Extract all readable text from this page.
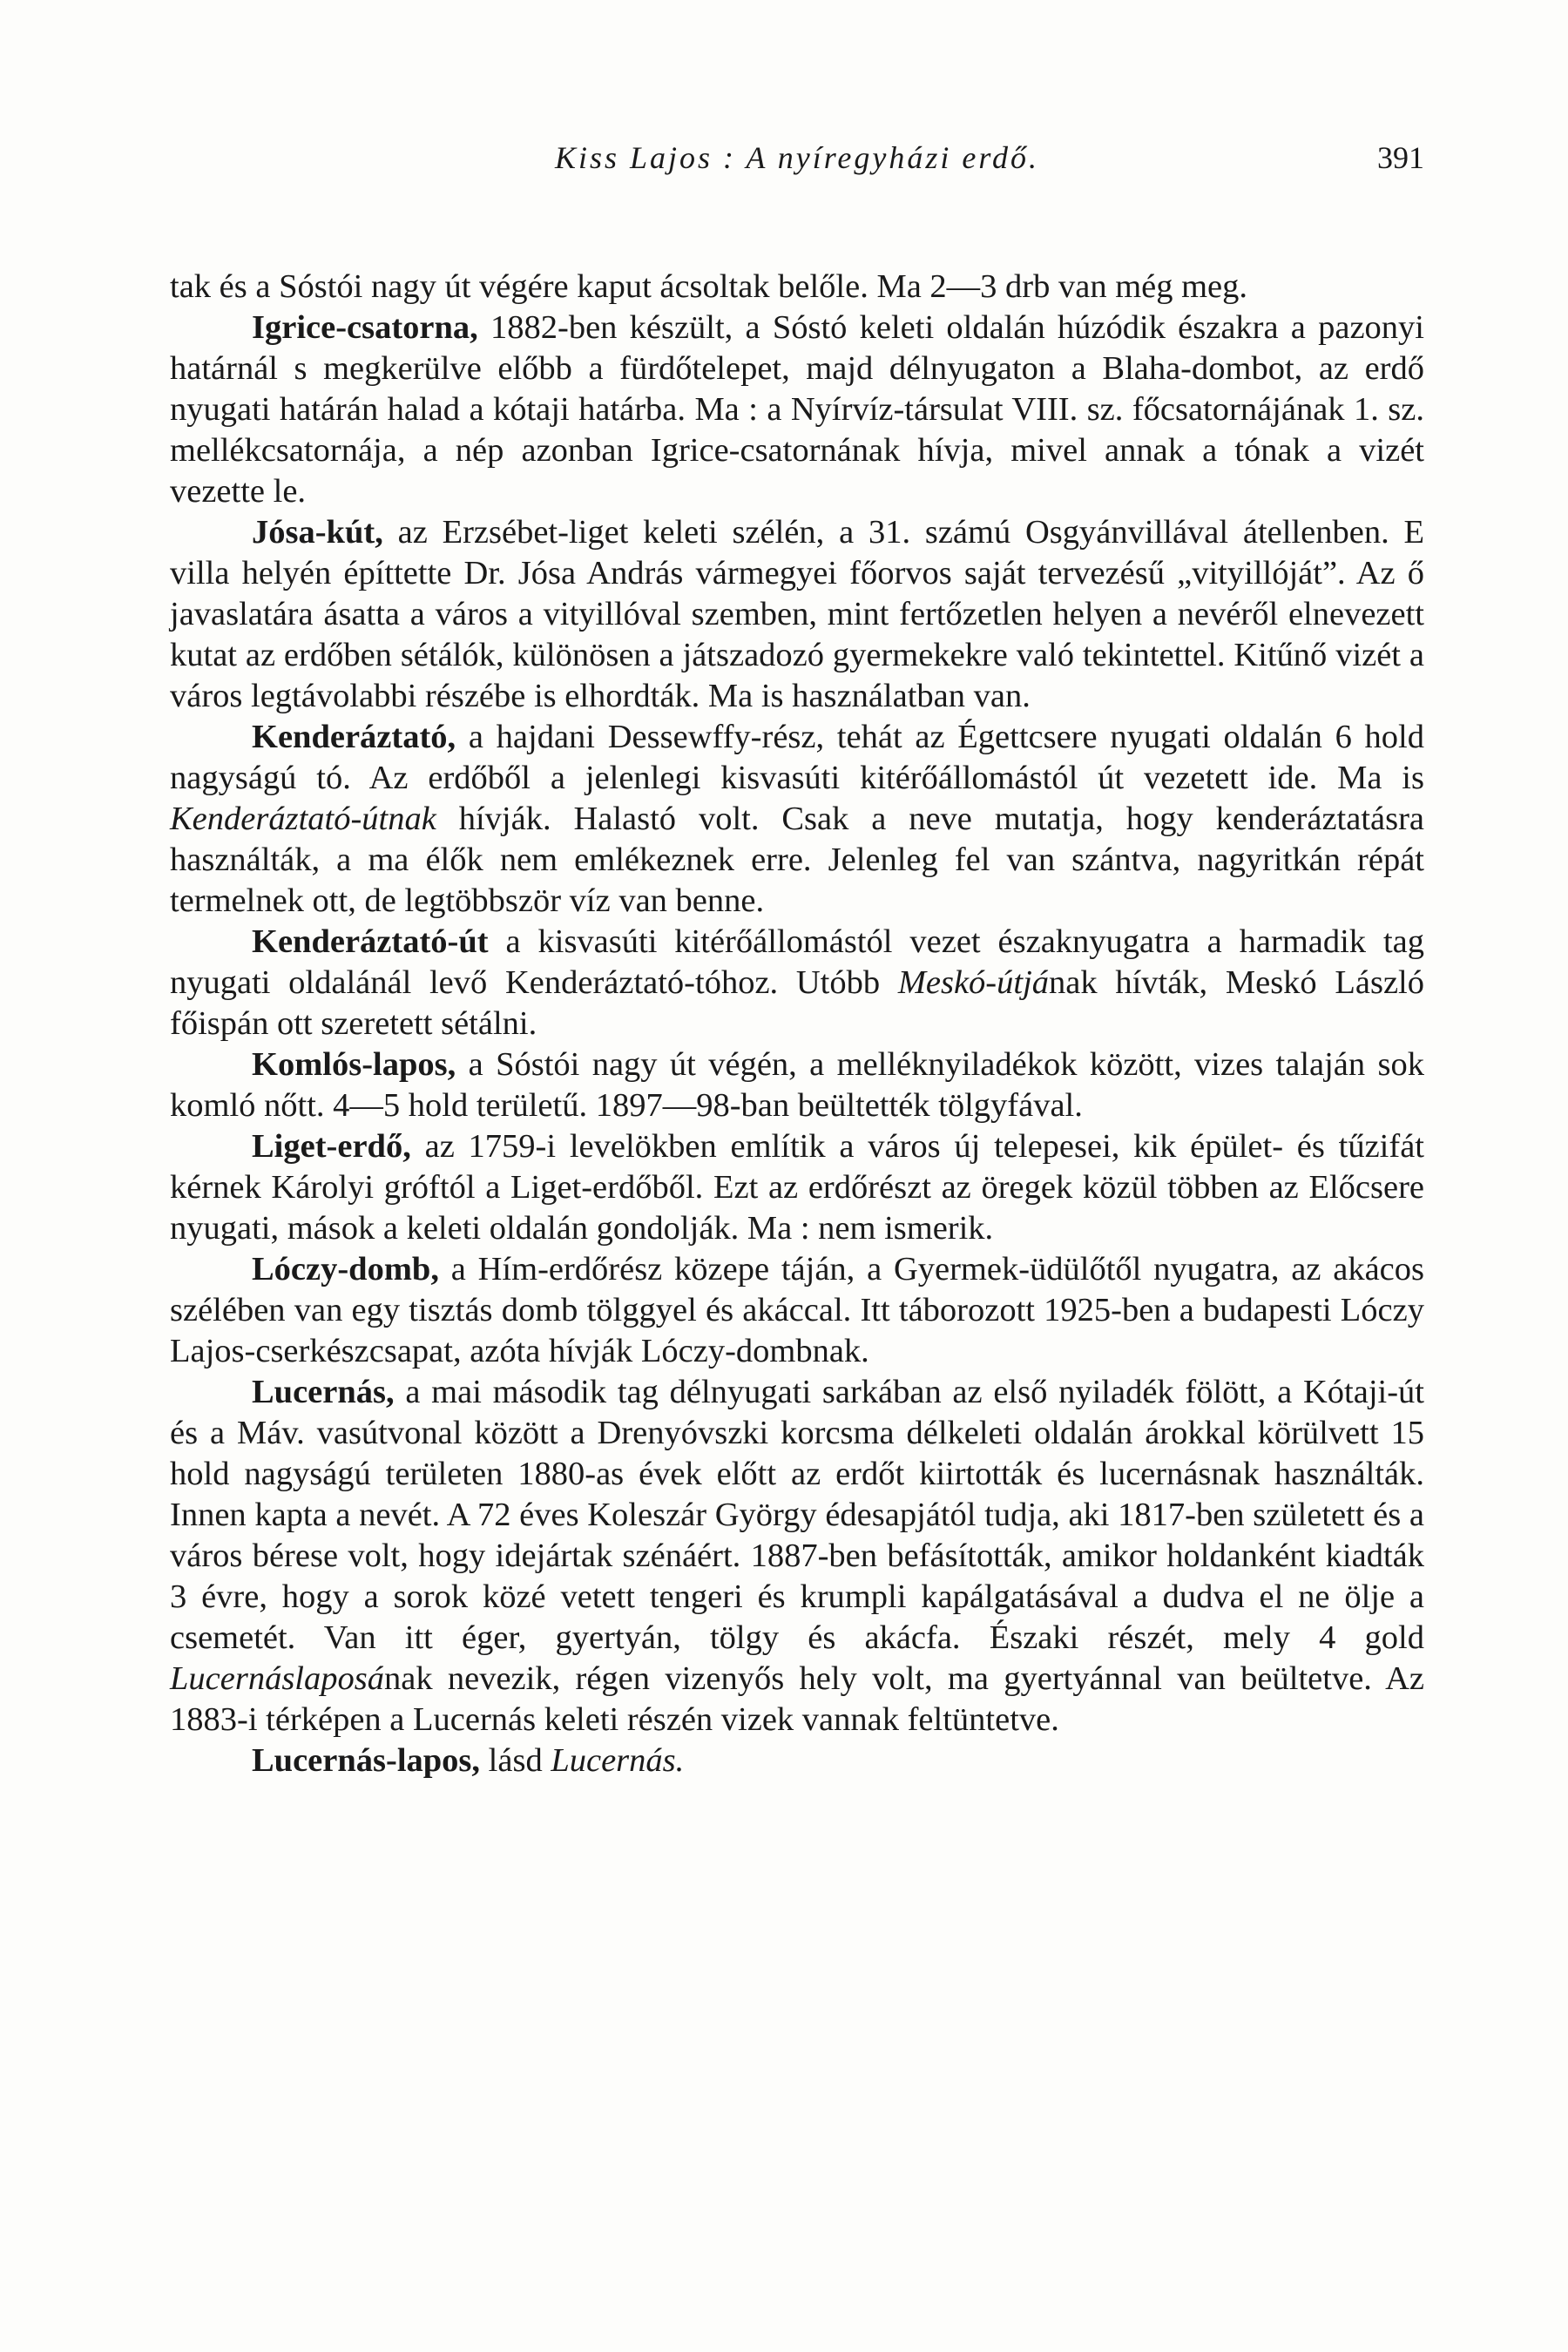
Kiss Lajos : A nyíregyházi erdő.	391

tak és a Sóstói nagy út végére kaput ácsoltak belőle. Ma 2—3 drb van még meg.

Igrice-csatorna, 1882-ben készült, a Sóstó keleti oldalán húzódik északra a pazonyi határnál s megkerülve előbb a fürdőtelepet, majd délnyugaton a Blaha-dombot, az erdő nyugati határán halad a kótaji határba. Ma : a Nyírvíz-társulat VIII. sz. főcsatornájának 1. sz. mellékcsatornája, a nép azonban Igrice-csatornának hívja, mivel annak a tónak a vizét vezette le.

Jósa-kút, az Erzsébet-liget keleti szélén, a 31. számú Osgyánvillával átellenben. E villa helyén építtette Dr. Jósa András vármegyei főorvos saját tervezésű „vityillóját”. Az ő javaslatára ásatta a város a vityillóval szemben, mint fertőzetlen helyen a nevéről elnevezett kutat az erdőben sétálók, különösen a játszadozó gyermekekre való tekintettel. Kitűnő vizét a város legtávolabbi részébe is elhordták. Ma is használatban van.

Kenderáztató, a hajdani Dessewffy-rész, tehát az Égettcsere nyugati oldalán 6 hold nagyságú tó. Az erdőből a jelenlegi kisvasúti kitérőállomástól út vezetett ide. Ma is Kenderáztató-útnak hívják. Halastó volt. Csak a neve mutatja, hogy kenderáztatásra használták, a ma élők nem emlékeznek erre. Jelenleg fel van szántva, nagyritkán répát termelnek ott, de legtöbbször víz van benne.

Kenderáztató-út a kisvasúti kitérőállomástól vezet északnyugatra a harmadik tag nyugati oldalánál levő Kenderáztató-tóhoz. Utóbb Meskó-útjának hívták, Meskó László főispán ott szeretett sétálni.

Komlós-lapos, a Sóstói nagy út végén, a melléknyiladékok között, vizes talaján sok komló nőtt. 4—5 hold területű. 1897—98-ban beültették tölgyfával.

Liget-erdő, az 1759-i levelökben említik a város új telepesei, kik épület- és tűzifát kérnek Károlyi gróftól a Liget-erdőből. Ezt az erdőrészt az öregek közül többen az Előcsere nyugati, mások a keleti oldalán gondolják. Ma : nem ismerik.

Lóczy-domb, a Hím-erdőrész közepe táján, a Gyermek-üdülőtől nyugatra, az akácos szélében van egy tisztás domb tölggyel és akáccal. Itt táborozott 1925-ben a budapesti Lóczy Lajos-cserkészcsapat, azóta hívják Lóczy-dombnak.

Lucernás, a mai második tag délnyugati sarkában az első nyiladék fölött, a Kótaji-út és a Máv. vasútvonal között a Drenyóvszki korcsma délkeleti oldalán árokkal körülvett 15 hold nagyságú területen 1880-as évek előtt az erdőt kiirtották és lucernásnak használták. Innen kapta a nevét. A 72 éves Koleszár György édesapjától tudja, aki 1817-ben született és a város bérese volt, hogy idejártak szénáért. 1887-ben befásították, amikor holdanként kiadták 3 évre, hogy a sorok közé vetett tengeri és krumpli kapálgatásával a dudva el ne ölje a csemetét. Van itt éger, gyertyán, tölgy és akácfa. Északi részét, mely 4 gold Lucernáslaposának nevezik, régen vizenyős hely volt, ma gyertyánnal van beültetve. Az 1883-i térképen a Lucernás keleti részén vizek vannak feltüntetve.

Lucernás-lapos, lásd Lucernás.
